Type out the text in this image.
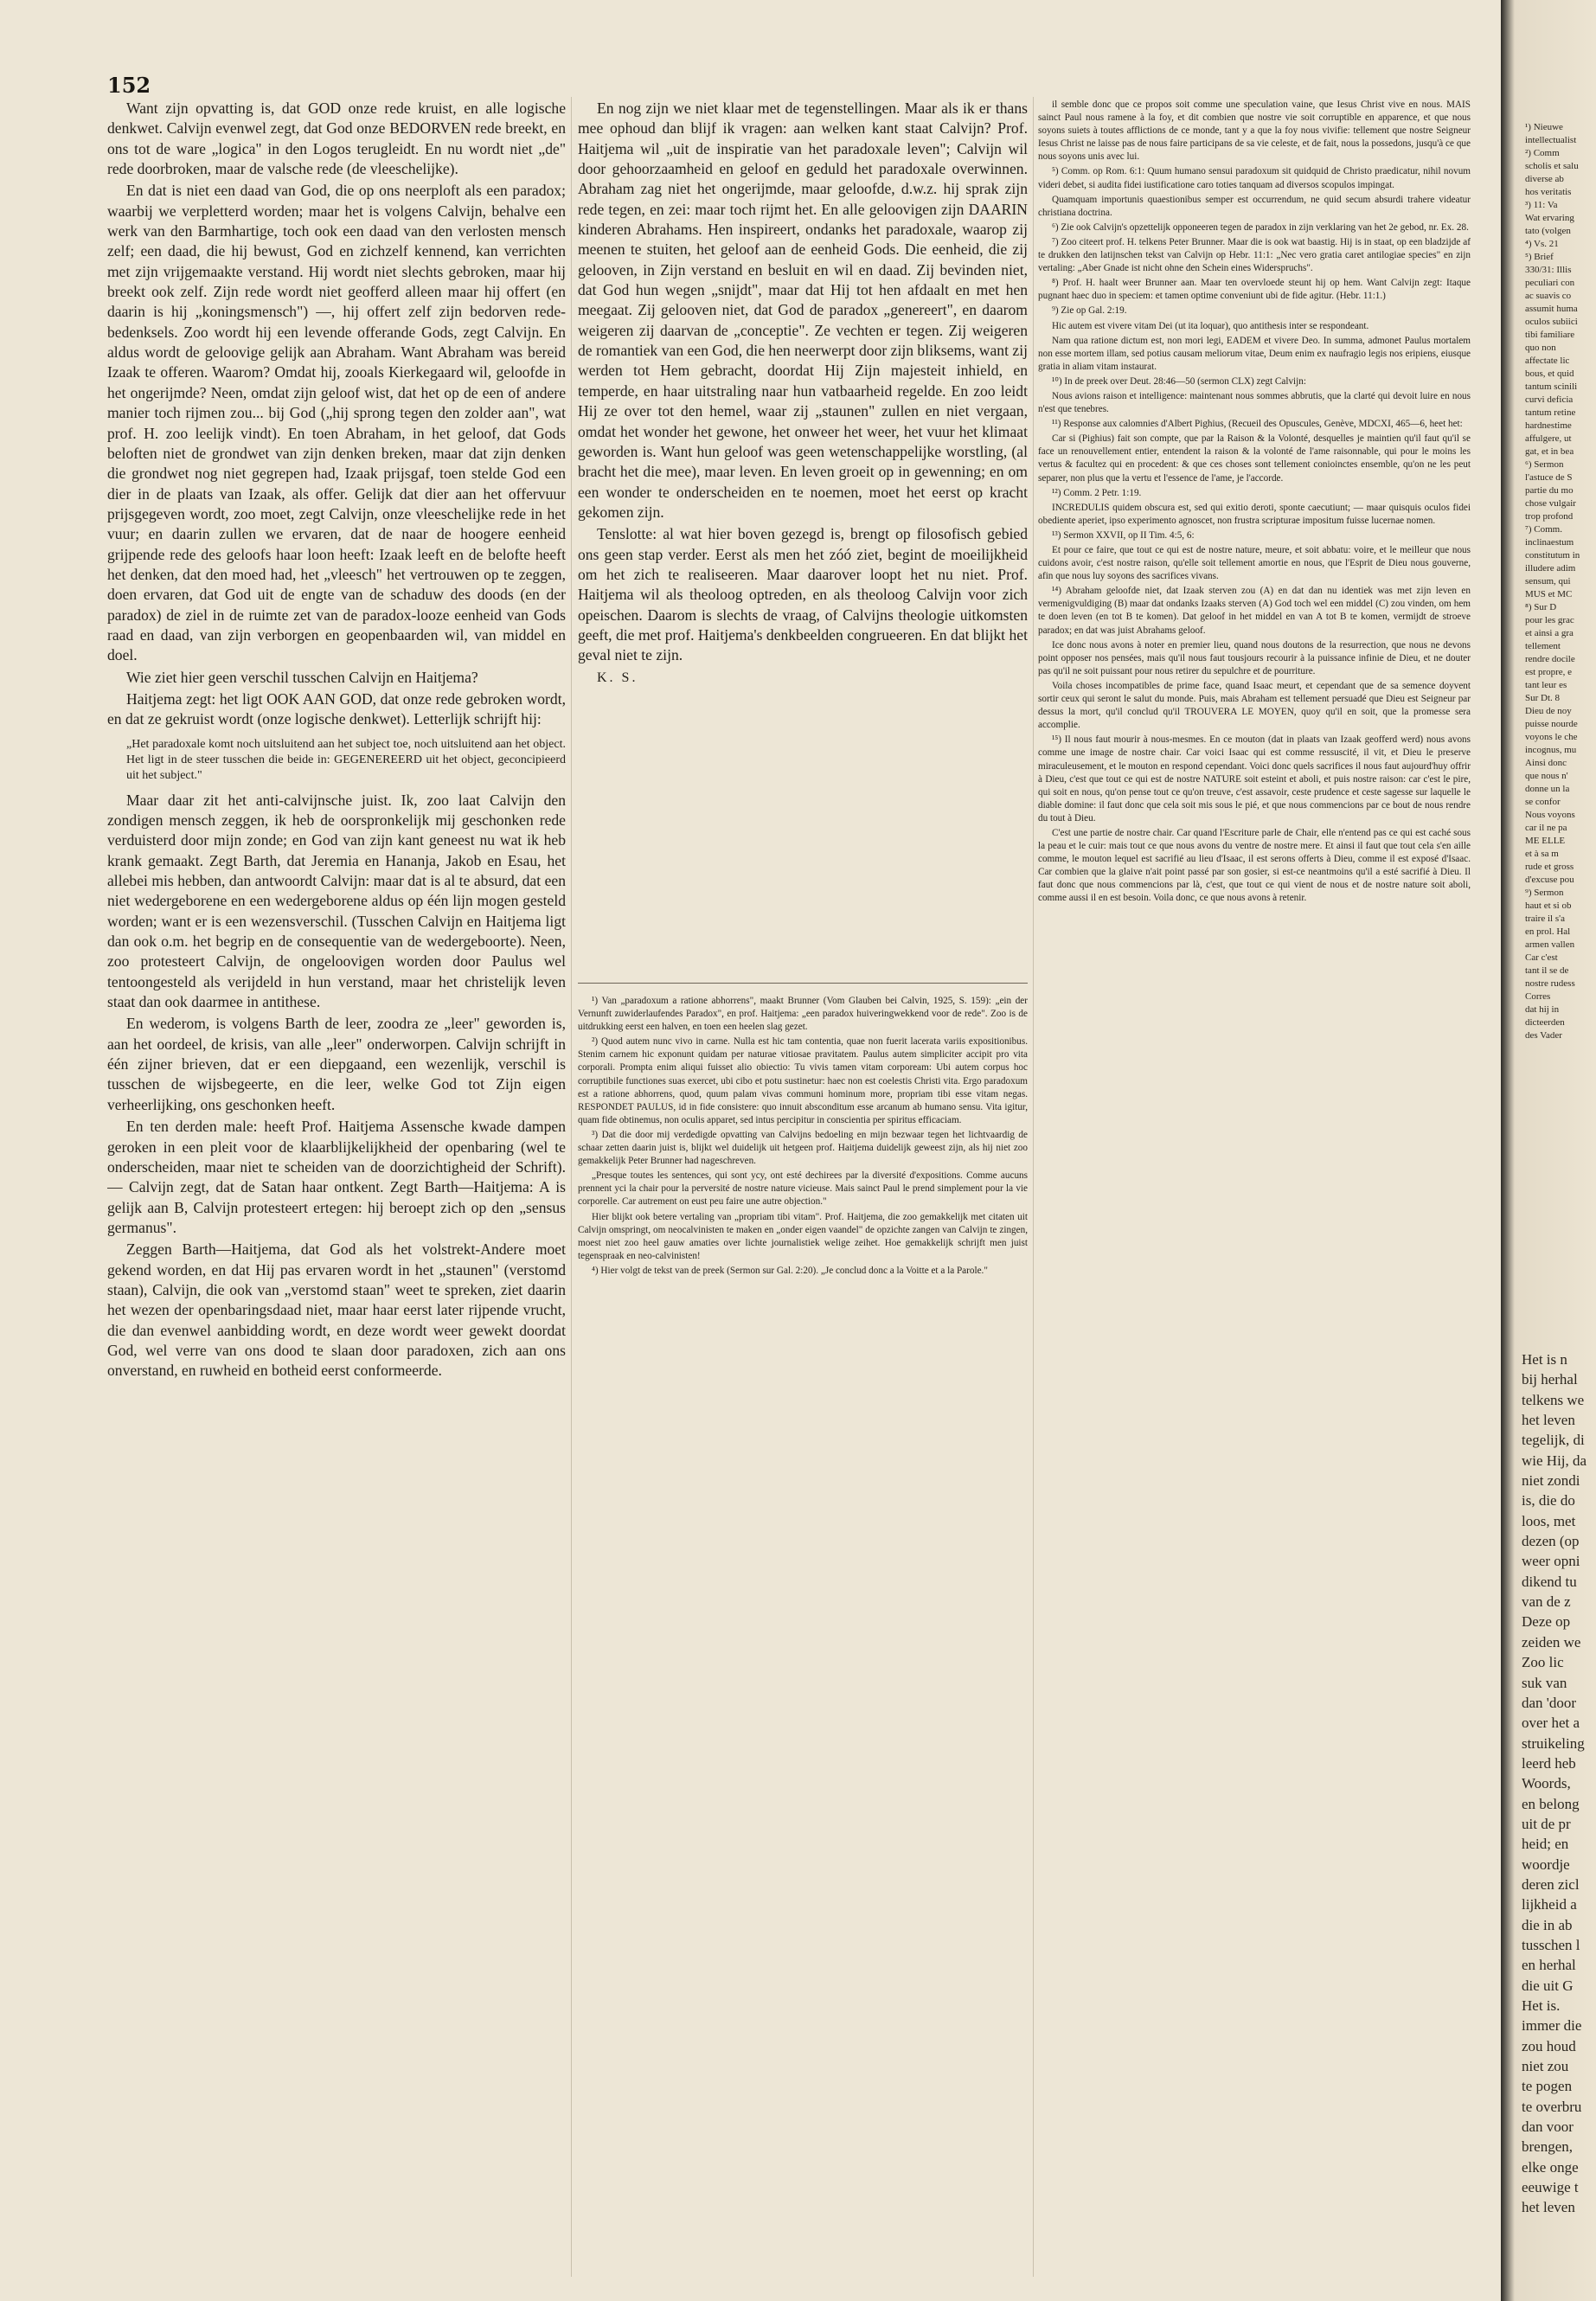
152

Want zijn opvatting is, dat GOD onze rede kruist, en alle logische denkwet. Calvijn evenwel zegt, dat God onze BEDORVEN rede breekt, en ons tot de ware „logica" in den Logos terugleidt. En nu wordt niet „de" rede doorbroken, maar de valsche rede (de vleeschelijke).

En dat is niet een daad van God, die op ons neerploft als een paradox; waarbij we verpletterd worden; maar het is volgens Calvijn, behalve een werk van den Barmhartige, toch ook een daad van den verlosten mensch zelf; een daad, die hij bewust, God en zichzelf kennend, kan verrichten met zijn vrijgemaakte verstand. Hij wordt niet slechts gebroken, maar hij breekt ook zelf. Zijn rede wordt niet geofferd alleen maar hij offert (en daarin is hij „koningsmensch") —, hij offert zelf zijn bedorven rede-bedenksels. Zoo wordt hij een levende offerande Gods, zegt Calvijn. En aldus wordt de geloovige gelijk aan Abraham. Want Abraham was bereid Izaak te offeren. Waarom? Omdat hij, zooals Kierkegaard wil, geloofde in het ongerijmde? Neen, omdat zijn geloof wist, dat het op de een of andere manier toch rijmen zou... bij God („hij sprong tegen den zolder aan", wat prof. H. zoo leelijk vindt). En toen Abraham, in het geloof, dat Gods beloften niet de grondwet van zijn denken breken, maar dat zijn denken die grondwet nog niet gegrepen had, Izaak prijsgaf, toen stelde God een dier in de plaats van Izaak, als offer. Gelijk dat dier aan het offervuur prijsgegeven wordt, zoo moet, zegt Calvijn, onze vleeschelijke rede in het vuur; en daarin zullen we ervaren, dat de naar de hoogere eenheid grijpende rede des geloofs haar loon heeft: Izaak leeft en de belofte heeft het denken, dat den moed had, het „vleesch" het vertrouwen op te zeggen, doen ervaren, dat God uit de engte van de schaduw des doods (en der paradox) de ziel in de ruimte zet van de paradox-looze eenheid van Gods raad en daad, van zijn verborgen en geopenbaarden wil, van middel en doel.

Wie ziet hier geen verschil tusschen Calvijn en Haitjema?

Haitjema zegt: het ligt OOK AAN GOD, dat onze rede gebroken wordt, en dat ze gekruist wordt (onze logische denkwet). Letterlijk schrijft hij:

„Het paradoxale komt noch uitsluitend aan het subject toe, noch uitsluitend aan het object. Het ligt in de steer tusschen die beide in: GEGENEREERD uit het object, geconcipieerd uit het subject."

Maar daar zit het anti-calvijnsche juist. Ik, zoo laat Calvijn den zondigen mensch zeggen, ik heb de oorspronkelijk mij geschonken rede verduisterd door mijn zonde; en God van zijn kant geneest nu wat ik heb krank gemaakt. Zegt Barth, dat Jeremia en Hananja, Jakob en Esau, het allebei mis hebben, dan antwoordt Calvijn: maar dat is al te absurd, dat een niet wedergeborene en een wedergeborene aldus op één lijn mogen gesteld worden; want er is een wezensverschil. (Tusschen Calvijn en Haitjema ligt dan ook o.m. het begrip en de consequentie van de wedergeboorte). Neen, zoo protesteert Calvijn, de ongeloovigen worden door Paulus wel tentoongesteld als verijdeld in hun verstand, maar het christelijk leven staat dan ook daarmee in antithese.

En wederom, is volgens Barth de leer, zoodra ze „leer" geworden is, aan het oordeel, de krisis, van alle „leer" onderworpen. Calvijn schrijft in één zijner brieven, dat er een diepgaand, een wezenlijk, verschil is tusschen de wijsbegeerte, en die leer, welke God tot Zijn eigen verheerlijking, ons geschonken heeft.

En ten derden male: heeft Prof. Haitjema Assensche kwade dampen geroken in een pleit voor de klaarblijkelijkheid der openbaring (wel te onderscheiden, maar niet te scheiden van de doorzichtigheid der Schrift). — Calvijn zegt, dat de Satan haar ontkent. Zegt Barth—Haitjema: A is gelijk aan B, Calvijn protesteert ertegen: hij beroept zich op den „sensus germanus".

Zeggen Barth—Haitjema, dat God als het volstrekt-Andere moet gekend worden, en dat Hij pas ervaren wordt in het „staunen" (verstomd staan), Calvijn, die ook van „verstomd staan" weet te spreken, ziet daarin het wezen der openbaringsdaad niet, maar haar eerst later rijpende vrucht, die dan evenwel aanbidding wordt, en deze wordt weer gewekt doordat God, wel verre van ons dood te slaan door paradoxen, zich aan ons onverstand, en ruwheid en botheid eerst conformeerde.

En nog zijn we niet klaar met de tegenstellingen. Maar als ik er thans mee ophoud dan blijf ik vragen: aan welken kant staat Calvijn? Prof. Haitjema wil „uit de inspiratie van het paradoxale leven"; Calvijn wil door gehoorzaamheid en geloof en geduld het paradoxale overwinnen. Abraham zag niet het ongerijmde, maar geloofde, d.w.z. hij sprak zijn rede tegen, en zei: maar toch rijmt het. En alle geloovigen zijn DAARIN kinderen Abrahams. Hen inspireert, ondanks het paradoxale, waarop zij meenen te stuiten, het geloof aan de eenheid Gods. Die eenheid, die zij gelooven, in Zijn verstand en besluit en wil en daad. Zij bevinden niet, dat God hun wegen „snijdt", maar dat Hij tot hen afdaalt en met hen meegaat. Zij gelooven niet, dat God de paradox „genereert", en daarom weigeren zij daarvan de „conceptie". Ze vechten er tegen. Zij weigeren de romantiek van een God, die hen neerwerpt door zijn bliksems, want zij werden tot Hem gebracht, doordat Hij Zijn majesteit inhield, en temperde, en haar uitstraling naar hun vatbaarheid regelde. En zoo leidt Hij ze over tot den hemel, waar zij „staunen" zullen en niet vergaan, omdat het wonder het gewone, het onweer het weer, het vuur het klimaat geworden is. Want hun geloof was geen wetenschappelijke worstling, (al bracht het die mee), maar leven. En leven groeit op in gewenning; en om een wonder te onderscheiden en te noemen, moet het eerst op kracht gekomen zijn.

Tenslotte: al wat hier boven gezegd is, brengt op filosofisch gebied ons geen stap verder. Eerst als men het zóó ziet, begint de moeilijkheid om het zich te realiseeren. Maar daarover loopt het nu niet. Prof. Haitjema wil als theoloog optreden, en als theoloog Calvijn voor zich opeischen. Daarom is slechts de vraag, of Calvijns theologie uitkomsten geeft, die met prof. Haitjema's denkbeelden congrueeren. En dat blijkt het geval niet te zijn.

K. S.

¹) Van „paradoxum a ratione abhorrens", maakt Brunner (Vom Glauben bei Calvin, 1925, S. 159): „ein der Vernunft zuwiderlaufendes Paradox", en prof. Haitjema: „een paradox huiveringwekkend voor de rede". Zoo is de uitdrukking eerst een halven, en toen een heelen slag gezet.

²) Quod autem nunc vivo in carne. Nulla est hic tam contentia, quae non fuerit lacerata variis expositionibus. Stenim carnem hic exponunt quidam per naturae vitiosae pravitatem. Paulus autem simpliciter accipit pro vita corporali. Prompta enim aliqui fuisset alio obiectio: Tu vivis tamen vitam corpoream: Ubi autem corpus hoc corruptibile functiones suas exercet, ubi cibo et potu sustinetur: haec non est coelestis Christi vita. Ergo paradoxum est a ratione abhorrens, quod, quum palam vivas communi hominum more, propriam tibi esse vitam negas. RESPONDET PAULUS, id in fide consistere: quo innuit absconditum esse arcanum ab humano sensu. Vita igitur, quam fide obtinemus, non oculis apparet, sed intus percipitur in conscientia per spiritus efficaciam.

³) Dat die door mij verdedigde opvatting van Calvijns bedoeling en mijn bezwaar tegen het lichtvaardig de schaar zetten daarin juist is, blijkt wel duidelijk uit hetgeen prof. Haitjema duidelijk geweest zijn, als hij niet zoo gemakkelijk Peter Brunner had nageschreven.

„Presque toutes les sentences, qui sont ycy, ont esté dechirees par la diversité d'expositions. Comme aucuns prennent yci la chair pour la perversité de nostre nature vicieuse. Mais sainct Paul le prend simplement pour la vie corporelle. Car autrement on eust peu faire une autre objection."

Hier blijkt ook betere vertaling van „propriam tibi vitam". Prof. Haitjema, die zoo gemakkelijk met citaten uit Calvijn omspringt, om neocalvinisten te maken en „onder eigen vaandel" de opzichte zangen van Calvijn te zingen, moest niet zoo heel gauw amaties over lichte journalistiek welige zeihet. Hoe gemakkelijk schrijft men juist tegenspraak en neo-calvinisten!

⁴) Hier volgt de tekst van de preek (Sermon sur Gal. 2:20). „Je conclud donc a la Voitte et a la Parole."

il semble donc que ce propos soit comme une speculation vaine, que Iesus Christ vive en nous. MAIS sainct Paul nous ramene à la foy, et dit combien que nostre vie soit corruptible en apparence, et que nous soyons suiets à toutes afflictions de ce monde, tant y a que la foy nous vivifie: tellement que nostre Seigneur Iesus Christ ne laisse pas de nous faire participans de sa vie celeste, et de fait, nous la possedons, jusqu'à ce que nous soyons unis avec lui.

⁵) Comm. op Rom. 6:1: Quum humano sensui paradoxum sit quidquid de Christo praedicatur, nihil novum videri debet, si audita fidei iustificatione caro toties tanquam ad diversos scopulos impingat.

Quamquam importunis quaestionibus semper est occurrendum, ne quid secum absurdi trahere videatur christiana doctrina.

⁶) Zie ook Calvijn's opzettelijk opponeeren tegen de paradox in zijn verklaring van het 2e gebod, nr. Ex. 28.

⁷) Zoo citeert prof. H. telkens Peter Brunner. Maar die is ook wat baastig. Hij is in staat, op een bladzijde af te drukken den latijnschen tekst van Calvijn op Hebr. 11:1: „Nec vero gratia caret antilogiae species" en zijn vertaling: „Aber Gnade ist nicht ohne den Schein eines Widerspruchs".

⁸) Prof. H. haalt weer Brunner aan. Maar ten overvloede steunt hij op hem. Want Calvijn zegt: Itaque pugnant haec duo in speciem: et tamen optime conveniunt ubi de fide agitur. (Hebr. 11:1.)

⁹) Zie op Gal. 2:19.

Hic autem est vivere vitam Dei (ut ita loquar), quo antithesis inter se respondeant.

Nam qua ratione dictum est, non mori legi, EADEM et vivere Deo. In summa, admonet Paulus mortalem non esse mortem illam, sed potius causam meliorum vitae, Deum enim ex naufragio legis nos eripiens, eiusque gratia in aliam vitam instaurat.

¹⁰) In de preek over Deut. 28:46—50 (sermon CLX) zegt Calvijn:

Nous avions raison et intelligence: maintenant nous sommes abbrutis, que la clarté qui devoit luire en nous n'est que tenebres.

¹¹) Response aux calomnies d'Albert Pighius, (Recueil des Opuscules, Genève, MDCXI, 465—6, heet het:

Car si (Pighius) fait son compte, que par la Raison & la Volonté, desquelles je maintien qu'il faut qu'il se face un renouvellement entier, entendent la raison & la volonté de l'ame raisonnable, qui pour le moins les vertus & facultez qui en procedent: & que ces choses sont tellement conioinctes ensemble, qu'on ne les peut separer, non plus que la vertu et l'essence de l'ame, je l'accorde.

¹²) Comm. 2 Petr. 1:19.

INCREDULIS quidem obscura est, sed qui exitio deroti, sponte caecutiunt; — maar quisquis oculos fidei obediente aperiet, ipso experimento agnoscet, non frustra scripturae impositum fuisse lucernae nomen.

¹³) Sermon XXVII, op II Tim. 4:5, 6:

Et pour ce faire, que tout ce qui est de nostre nature, meure, et soit abbatu: voire, et le meilleur que nous cuidons avoir, c'est nostre raison, qu'elle soit tellement amortie en nous, que l'Esprit de Dieu nous gouverne, afin que nous luy soyons des sacrifices vivans.

¹⁴) Abraham geloofde niet, dat Izaak sterven zou (A) en dat dan nu identiek was met zijn leven en vermenigvuldiging (B) maar dat ondanks Izaaks sterven (A) God toch wel een middel (C) zou vinden, om hem te doen leven (en tot B te komen). Dat geloof in het middel en van A tot B te komen, vermijdt de stroeve paradox; en dat was juist Abrahams geloof.

Ice donc nous avons à noter en premier lieu, quand nous doutons de la resurrection, que nous ne devons point opposer nos pensées, mais qu'il nous faut tousjours recourir à la puissance infinie de Dieu, et ne douter pas qu'il ne soit puissant pour nous retirer du sepulchre et de pourriture.

Voila choses incompatibles de prime face, quand Isaac meurt, et cependant que de sa semence doyvent sortir ceux qui seront le salut du monde. Puis, mais Abraham est tellement persuadé que Dieu est Seigneur par dessus la mort, qu'il conclud qu'il TROUVERA LE MOYEN, quoy qu'il en soit, que la promesse sera accomplie.

¹⁵) Il nous faut mourir à nous-mesmes. En ce mouton (dat in plaats van Izaak geofferd werd) nous avons comme une image de nostre chair. Car voici Isaac qui est comme ressuscité, il vit, et Dieu le preserve miraculeusement, et le mouton en respond cependant. Voici donc quels sacrifices il nous faut aujourd'huy offrir à Dieu, c'est que tout ce qui est de nostre NATURE soit esteint et aboli, et puis nostre raison: car c'est le pire, qui soit en nous, qu'on pense tout ce qu'on treuve, c'est assavoir, ceste prudence et ceste sagesse sur laquelle le diable domine: il faut donc que cela soit mis sous le pié, et que nous commencions par ce bout de nous rendre du tout à Dieu.

C'est une partie de nostre chair. Car quand l'Escriture parle de Chair, elle n'entend pas ce qui est caché sous la peau et le cuir: mais tout ce que nous avons du ventre de nostre mere. Et ainsi il faut que tout cela s'en aille comme, le mouton lequel est sacrifié au lieu d'Isaac, il est serons offerts à Dieu, comme il est exposé d'Isaac. Car combien que la glaive n'ait point passé par son gosier, si est-ce neantmoins qu'il a esté sacrifié à Dieu. Il faut donc que nous commencions par là, c'est, que tout ce qui vient de nous et de nostre nature soit aboli, comme aussi il en est besoin. Voila donc, ce que nous avons à retenir.

¹) Nieuwe
intellectualist
²) Comm
scholis et salu
diverse ab
hos veritatis
³) 11: Va
Wat ervaring
tato (volgen
⁴) Vs. 21
⁵) Brief
330/31: Illis
peculiari con
ac suavis co
assumit huma
oculos subiici
tibi familiare
quo non
affectate lic
bous, et quid
tantum scinili
curvi deficia
tantum retine
hardnestime
affulgere, ut
gat, et in bea
⁶) Sermon
l'astuce de S
partie du mo
chose vulgair
trop profond
⁷) Comm.
inclinaestum
constitutum in
illudere adim
sensum, qui
MUS et MC
⁸) Sur D
pour les grac
et ainsi a gra
tellement
rendre docile
est propre, e
tant leur es
Sur Dt. 8
Dieu de noy
puisse nourde
voyons le che
incognus, mu
Ainsi donc
que nous n'
donne un la
se confor
Nous voyons
car il ne pa
ME ELLE
et à sa m
rude et gross
d'excuse pou
⁹) Sermon
haut et si ob
traire il s'a
en prol. Hal
armen vallen
Car c'est
tant il se de
nostre rudess
Corres
dat hij in
dicteerden
des Vader
Het is n
bij herhal
telkens we
het leven
tegelijk, di
wie Hij, da
niet zondi
is, die do
loos, met
dezen (op
weer opni
dikend tu
van de z
Deze op
zeiden we
Zoo lic
suk van
dan 'door
over het a
struikeling
leerd heb
Woords,
en belong
uit de pr
heid; en
woordje
deren zicl
lijkheid a
die in ab
tusschen l
en herhal
die uit G
Het is.
immer die
zou houd
niet zou
te pogen
te overbru
dan voor
brengen,
elke onge
eeuwige t
het leven
